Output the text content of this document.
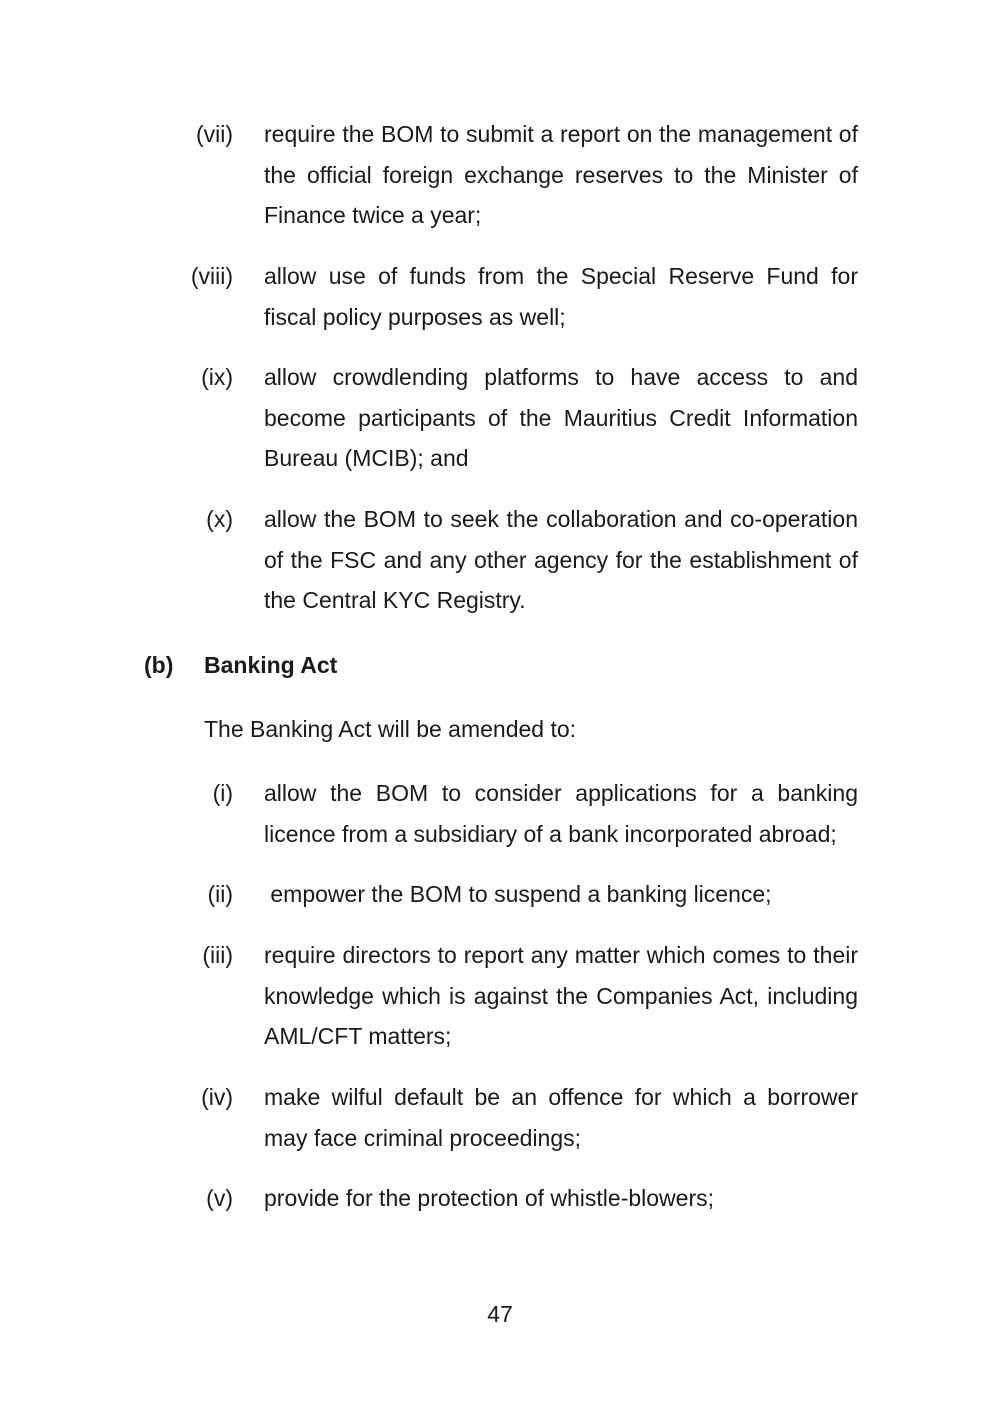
(vii) require the BOM to submit a report on the management of the official foreign exchange reserves to the Minister of Finance twice a year;
(viii) allow use of funds from the Special Reserve Fund for fiscal policy purposes as well;
(ix) allow crowdlending platforms to have access to and become participants of the Mauritius Credit Information Bureau (MCIB); and
(x) allow the BOM to seek the collaboration and co-operation of the FSC and any other agency for the establishment of the Central KYC Registry.
(b) Banking Act
The Banking Act will be amended to:
(i) allow the BOM to consider applications for a banking licence from a subsidiary of a bank incorporated abroad;
(ii) empower the BOM to suspend a banking licence;
(iii) require directors to report any matter which comes to their knowledge which is against the Companies Act, including AML/CFT matters;
(iv) make wilful default be an offence for which a borrower may face criminal proceedings;
(v) provide for the protection of whistle-blowers;
47
